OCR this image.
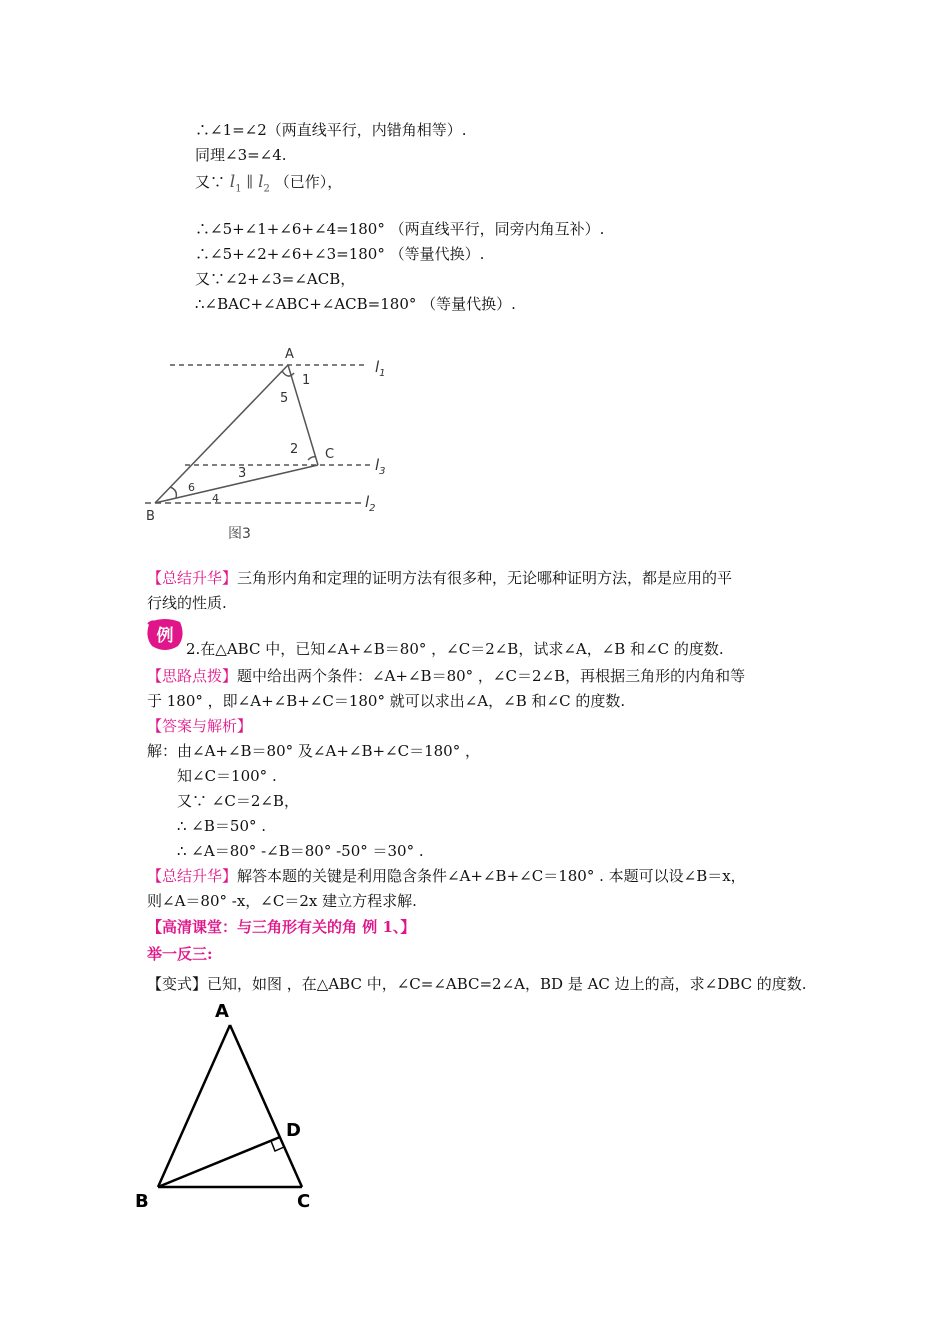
∴∠1=∠2（两直线平行，内错角相等）.
同理∠3=∠4.
又∵ $l_1$ ∥ $l_2$ （已作），
∴∠5+∠1+∠6+∠4=180° （两直线平行，同旁内角互补）.
∴∠5+∠2+∠6+∠3=180° （等量代换）.
又∵∠2+∠3=∠ACB，
∴∠BAC+∠ABC+∠ACB=180° （等量代换）.
A
B
C
1
2
3
4
5
6
$l_1$
$l_3$
$l_2$
图3
【总结升华】三角形内角和定理的证明方法有很多种，无论哪种证明方法，都是应用的平
行线的性质.
例
2.在△ABC 中，已知∠A+∠B＝80° ，∠C＝2∠B，试求∠A，∠B 和∠C 的度数.
【思路点拨】题中给出两个条件：∠A+∠B＝80° ，∠C＝2∠B，再根据三角形的内角和等
于 180° ，即∠A+∠B+∠C＝180° 就可以求出∠A，∠B 和∠C 的度数.
【答案与解析】
解：由∠A+∠B＝80° 及∠A+∠B+∠C＝180° ，
知∠C＝100° .
又∵ ∠C＝2∠B，
∴ ∠B＝50° .
∴ ∠A＝80° -∠B＝80° -50° ＝30° .
【总结升华】解答本题的关键是利用隐含条件∠A+∠B+∠C＝180° . 本题可以设∠B＝x，
则∠A＝80° -x，∠C＝2x 建立方程求解.
【高清课堂：与三角形有关的角 例 1、】
举一反三:
【变式】已知，如图 ，在△ABC 中，∠C=∠ABC=2∠A，BD 是 AC 边上的高，求∠DBC 的度数.
A
B	C
D
